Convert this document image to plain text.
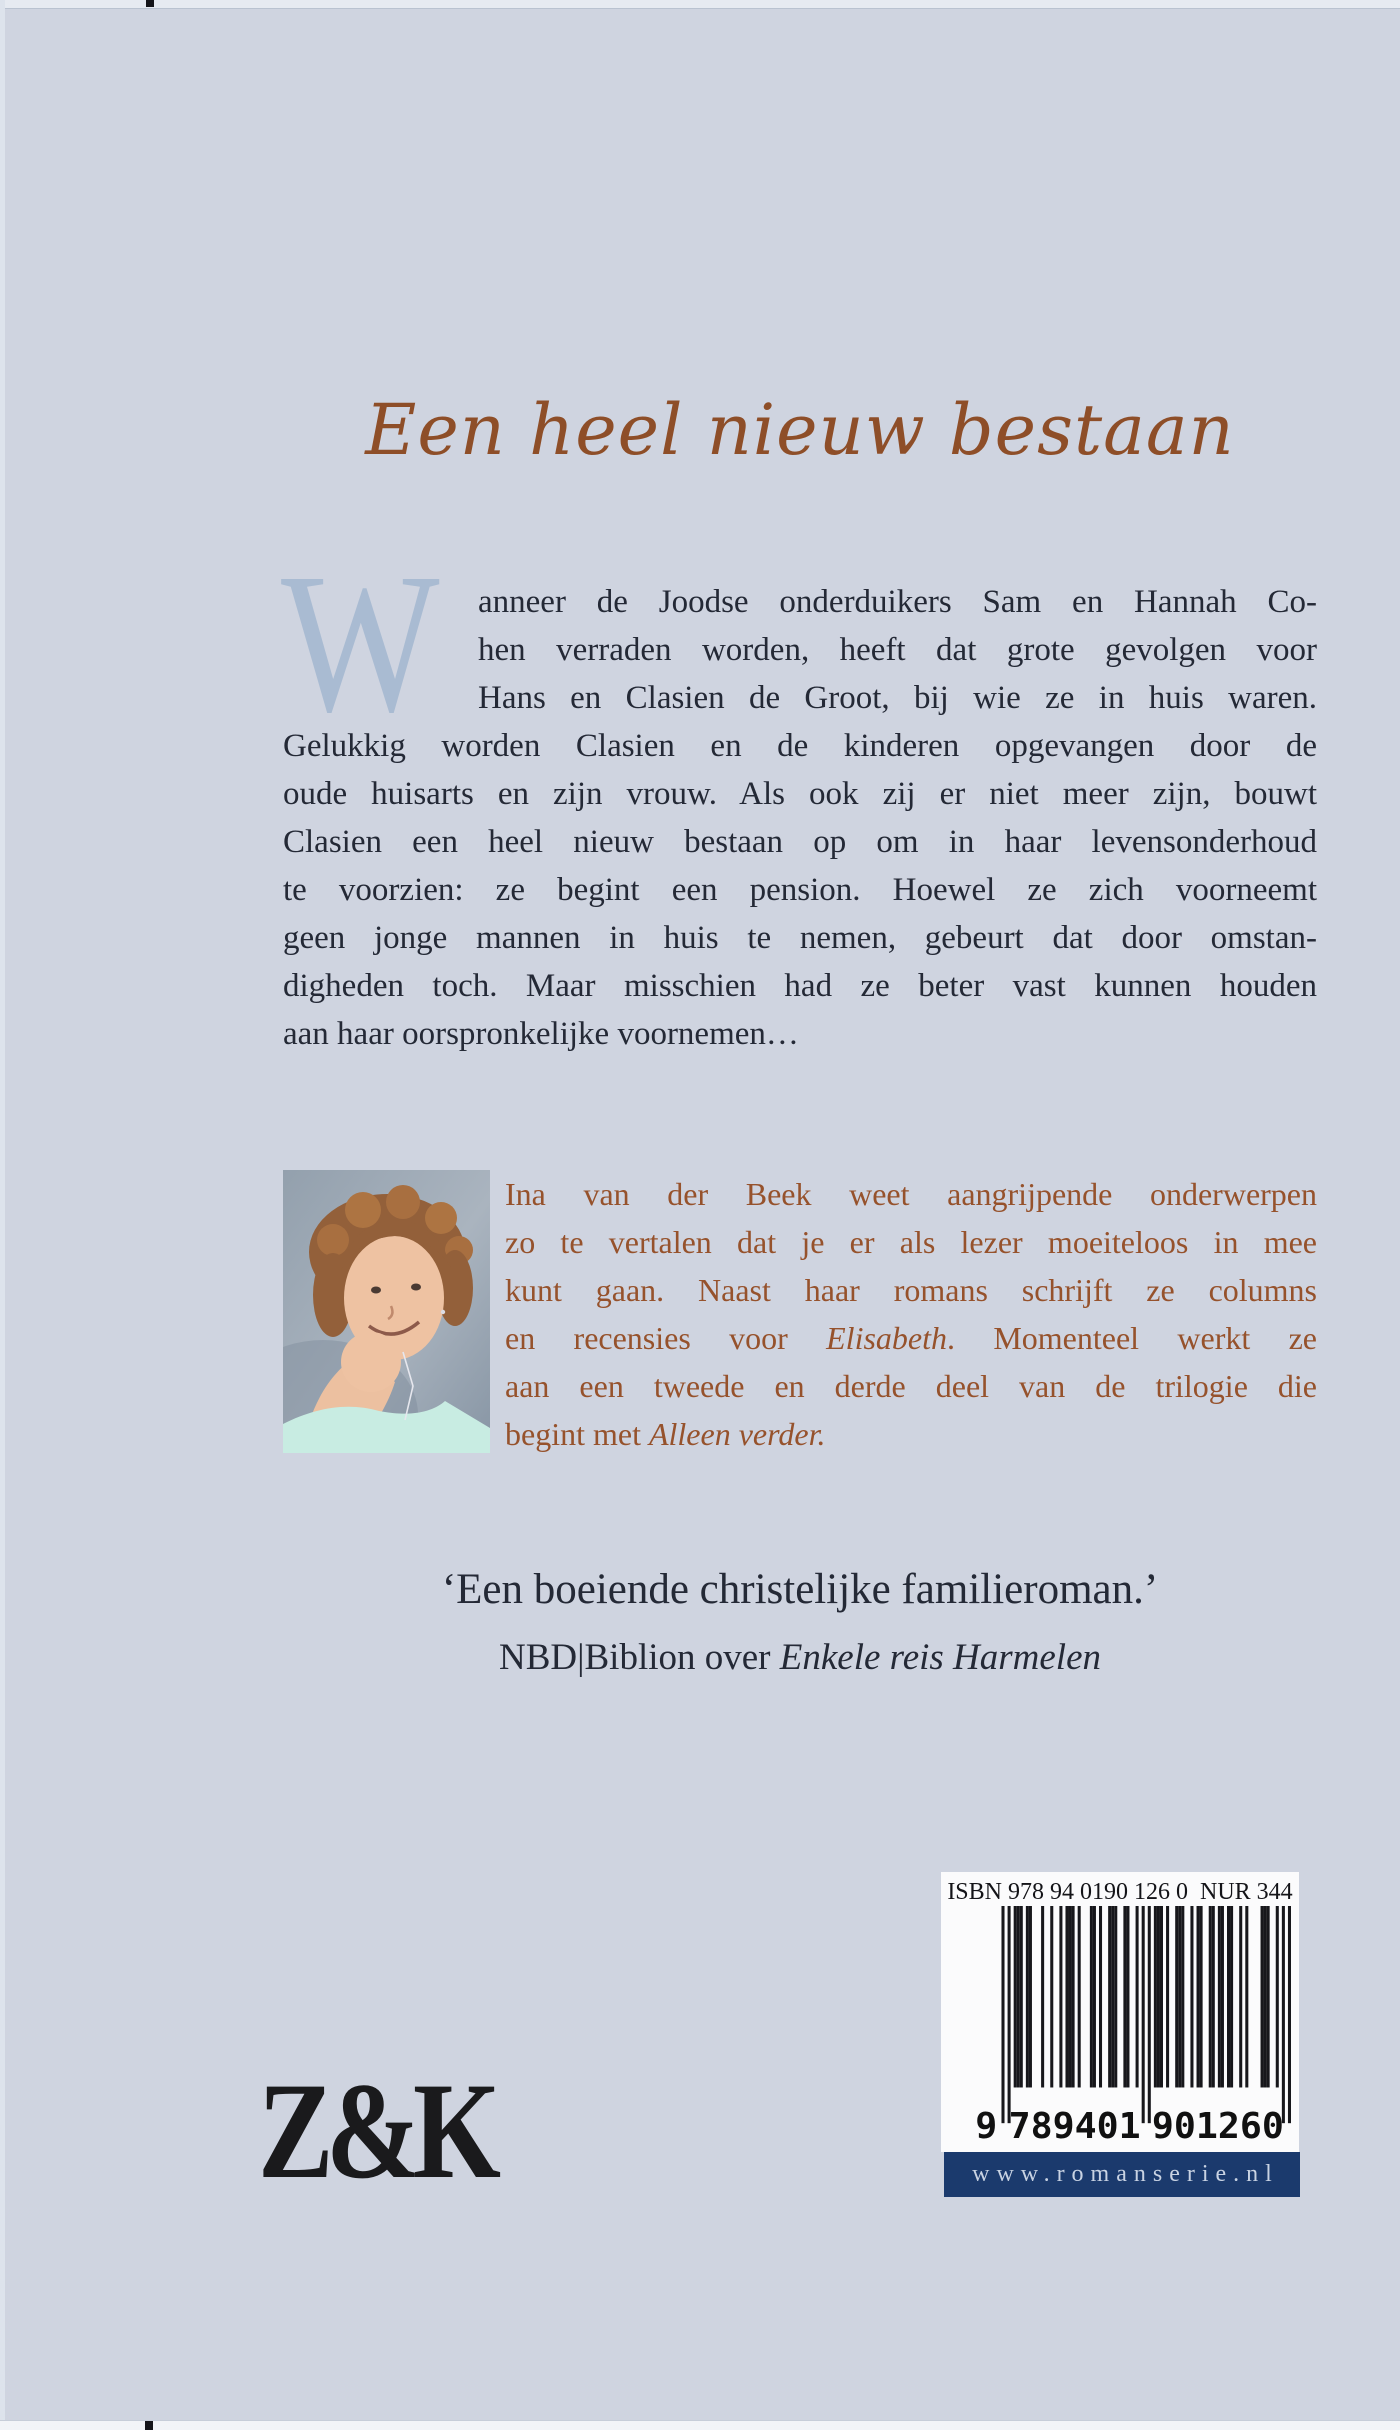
Een heel nieuw bestaan
W	anneer de Joodse onderduikers Sam en Hannah Co-
hen verraden worden, heeft dat grote gevolgen voor
Hans en Clasien de Groot, bij wie ze in huis waren.
Gelukkig worden Clasien en de kinderen opgevangen door de
oude huisarts en zijn vrouw. Als ook zij er niet meer zijn, bouwt
Clasien een heel nieuw bestaan op om in haar levensonderhoud
te voorzien: ze begint een pension. Hoewel ze zich voorneemt
geen jonge mannen in huis te nemen, gebeurt dat door omstan-
digheden toch. Maar misschien had ze beter vast kunnen houden
aan haar oorspronkelijke voornemen…
Ina van der Beek weet aangrijpende onderwerpen
zo te vertalen dat je er als lezer moeiteloos in mee
kunt gaan. Naast haar romans schrijft ze columns
en recensies voor Elisabeth. Momenteel werkt ze
aan een tweede en derde deel van de trilogie die
begint met Alleen verder.
‘Een boeiende christelijke familieroman.’
NBD|Biblion over Enkele reis Harmelen

ISBN 978 94 0190 126 0  NUR 344

9 789401 901260
www.romanserie.nl
Z&K
